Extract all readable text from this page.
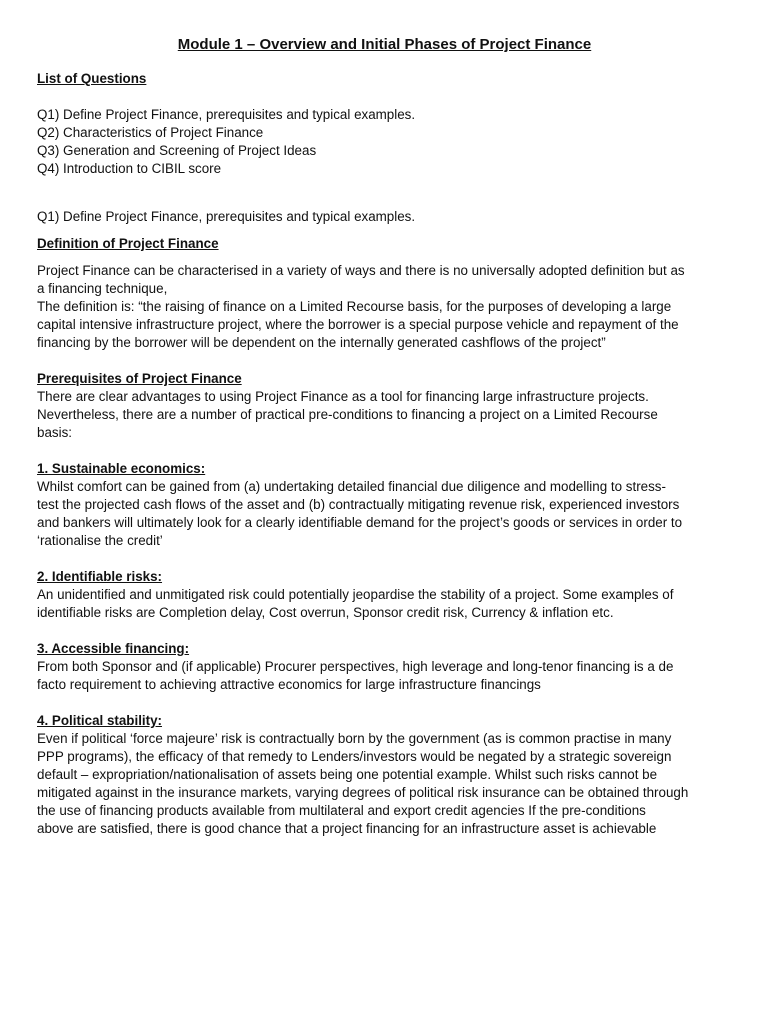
Module 1 – Overview and Initial Phases of Project Finance
List of Questions
Q1) Define Project Finance, prerequisites and typical examples.
Q2) Characteristics of Project Finance
Q3) Generation and Screening of Project Ideas
Q4) Introduction to CIBIL score
Q1) Define Project Finance, prerequisites and typical examples.
Definition of Project Finance
Project Finance can be characterised in a variety of ways and there is no universally adopted definition but as
a financing technique,
The definition is: “the raising of finance on a Limited Recourse basis, for the purposes of developing a large
capital intensive infrastructure project, where the borrower is a special purpose vehicle and repayment of the
financing by the borrower will be dependent on the internally generated cashflows of the project”
Prerequisites of Project Finance
There are clear advantages to using Project Finance as a tool for financing large infrastructure projects.
Nevertheless, there are a number of practical pre-conditions to financing a project on a Limited Recourse
basis:
1. Sustainable economics:
Whilst comfort can be gained from (a) undertaking detailed financial due diligence and modelling to stress-
test the projected cash flows of the asset and (b) contractually mitigating revenue risk, experienced investors
and bankers will ultimately look for a clearly identifiable demand for the project’s goods or services in order to
‘rationalise the credit’
2. Identifiable risks:
An unidentified and unmitigated risk could potentially jeopardise the stability of a project. Some examples of
identifiable risks are Completion delay, Cost overrun, Sponsor credit risk, Currency & inflation etc.
3. Accessible financing:
From both Sponsor and (if applicable) Procurer perspectives, high leverage and long-tenor financing is a de
facto requirement to achieving attractive economics for large infrastructure financings
4. Political stability:
Even if political ‘force majeure’ risk is contractually born by the government (as is common practise in many
PPP programs), the efficacy of that remedy to Lenders/investors would be negated by a strategic sovereign
default – expropriation/nationalisation of assets being one potential example. Whilst such risks cannot be
mitigated against in the insurance markets, varying degrees of political risk insurance can be obtained through
the use of financing products available from multilateral and export credit agencies If the pre-conditions
above are satisfied, there is good chance that a project financing for an infrastructure asset is achievable
